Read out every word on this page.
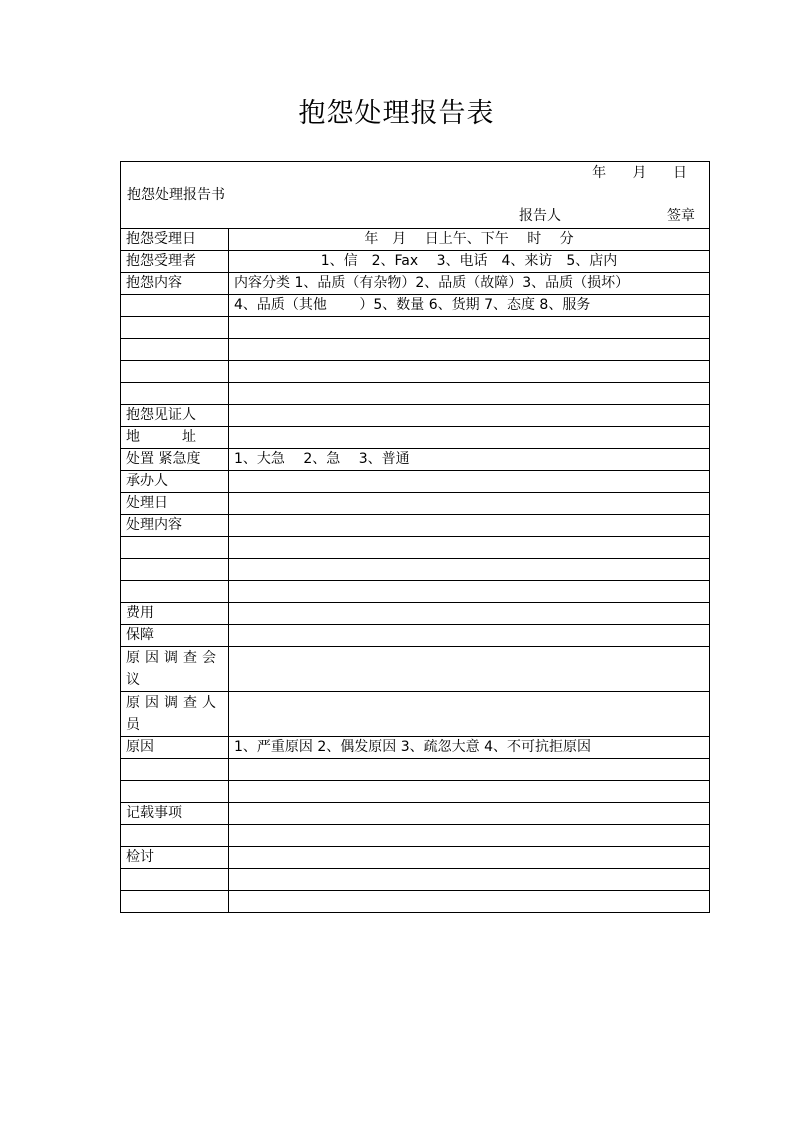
抱怨处理报告表
年 月 日
抱怨处理报告书
报告人 签章	

抱怨受理日	年　月　 日上午、下午　 时　 分
抱怨受理者	1、信　2、Fax　 3、电话　4、来访　5、店内
抱怨内容	内容分类 1、品质（有杂物）2、品质（故障）3、品质（损坏）
	4、品质（其他　　 ）5、数量 6、货期 7、态度 8、服务

抱怨见证人	
地　　　址	
处置 紧急度	1、大急　 2、急　 3、普通
承办人	
处理日	
处理内容	

费用	
保障	
原因调查会议	
原因调查人员	
原因	1、严重原因 2、偶发原因 3、疏忽大意 4、不可抗拒原因

记载事项	

检讨	
